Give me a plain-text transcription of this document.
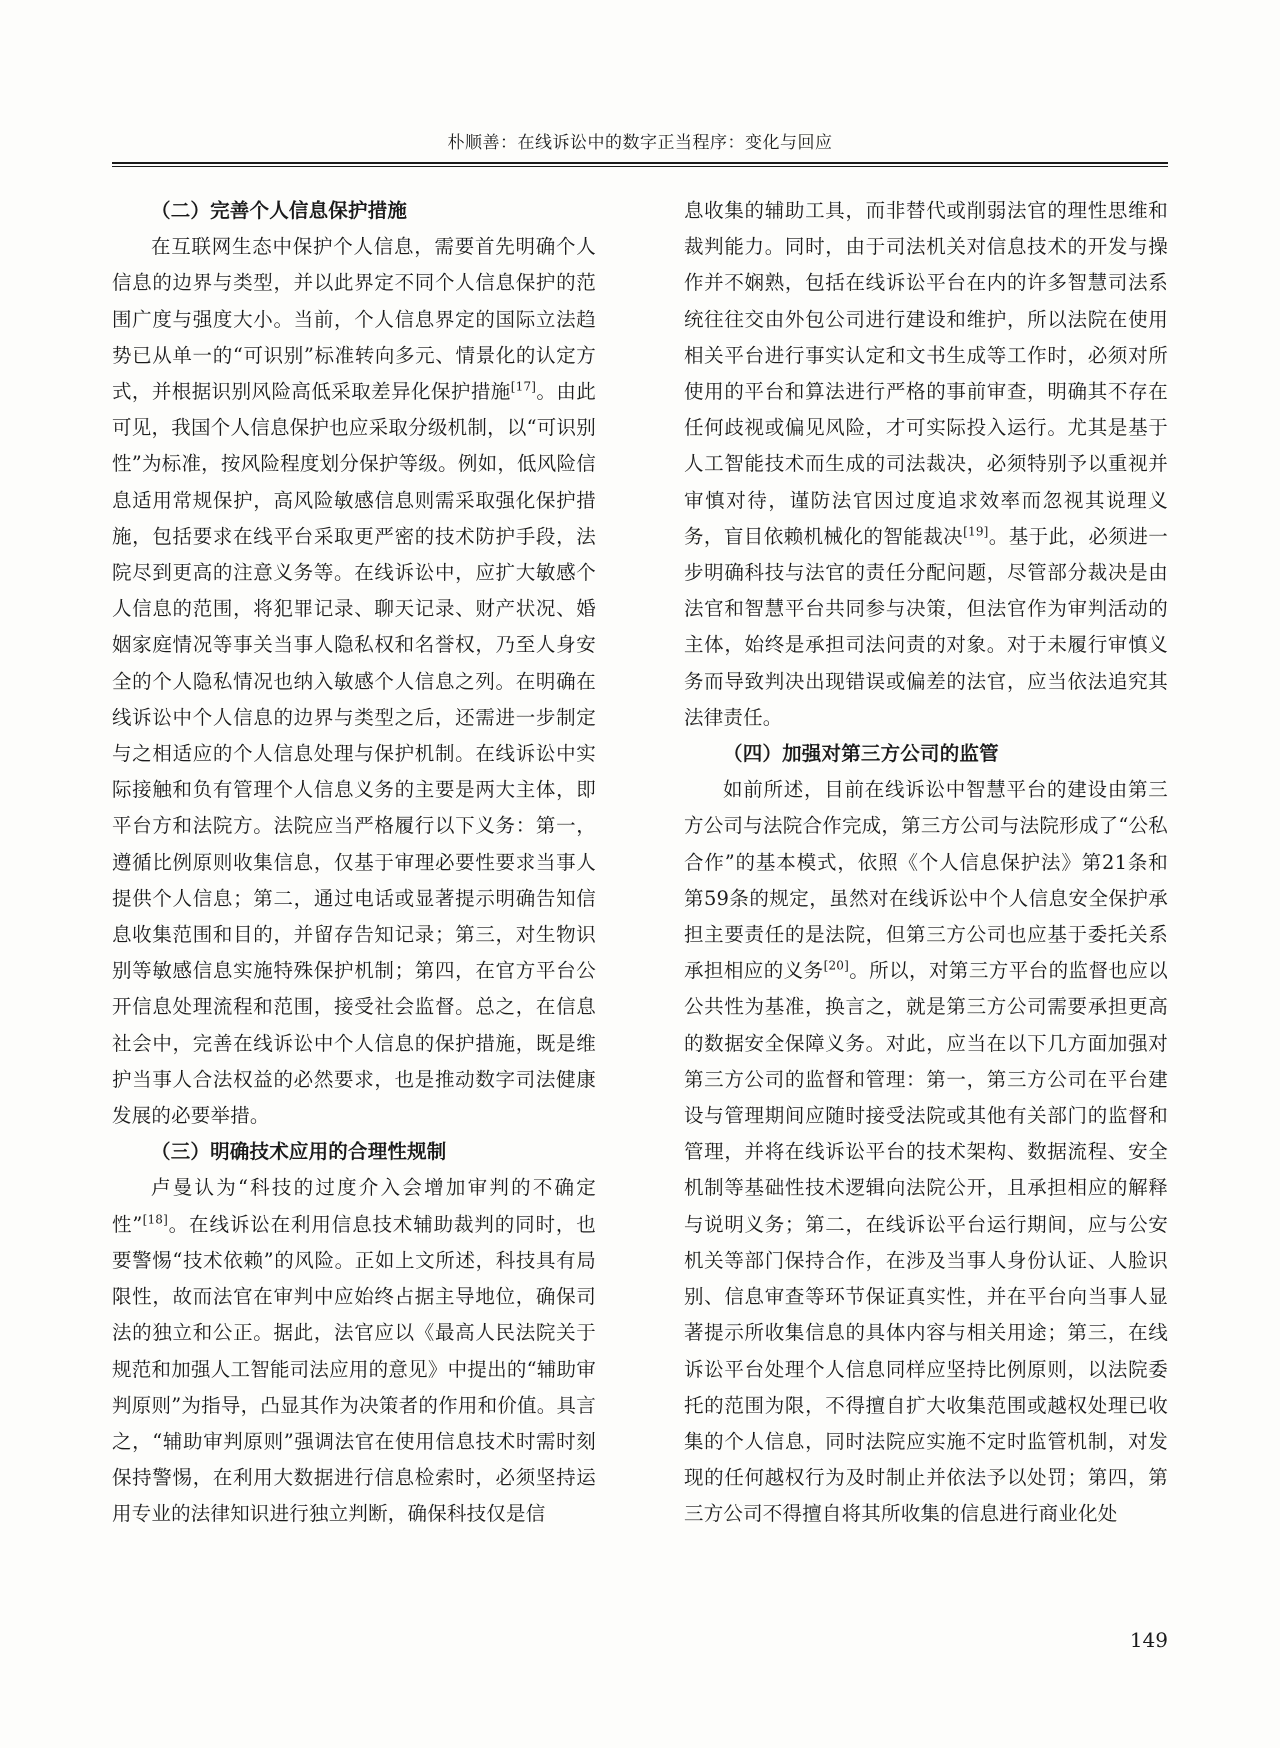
朴顺善：在线诉讼中的数字正当程序：变化与回应

（二）完善个人信息保护措施

在互联网生态中保护个人信息，需要首先明确个人信息的边界与类型，并以此界定不同个人信息保护的范围广度与强度大小。当前，个人信息界定的国际立法趋势已从单一的“可识别”标准转向多元、情景化的认定方式，并根据识别风险高低采取差异化保护措施[17]。由此可见，我国个人信息保护也应采取分级机制，以“可识别性”为标准，按风险程度划分保护等级。例如，低风险信息适用常规保护，高风险敏感信息则需采取强化保护措施，包括要求在线平台采取更严密的技术防护手段，法院尽到更高的注意义务等。在线诉讼中，应扩大敏感个人信息的范围，将犯罪记录、聊天记录、财产状况、婚姻家庭情况等事关当事人隐私权和名誉权，乃至人身安全的个人隐私情况也纳入敏感个人信息之列。在明确在线诉讼中个人信息的边界与类型之后，还需进一步制定与之相适应的个人信息处理与保护机制。在线诉讼中实际接触和负有管理个人信息义务的主要是两大主体，即平台方和法院方。法院应当严格履行以下义务：第一，遵循比例原则收集信息，仅基于审理必要性要求当事人提供个人信息；第二，通过电话或显著提示明确告知信息收集范围和目的，并留存告知记录；第三，对生物识别等敏感信息实施特殊保护机制；第四，在官方平台公开信息处理流程和范围，接受社会监督。总之，在信息社会中，完善在线诉讼中个人信息的保护措施，既是维护当事人合法权益的必然要求，也是推动数字司法健康发展的必要举措。

（三）明确技术应用的合理性规制

卢曼认为“科技的过度介入会增加审判的不确定性”[18]。在线诉讼在利用信息技术辅助裁判的同时，也要警惕“技术依赖”的风险。正如上文所述，科技具有局限性，故而法官在审判中应始终占据主导地位，确保司法的独立和公正。据此，法官应以《最高人民法院关于规范和加强人工智能司法应用的意见》中提出的“辅助审判原则”为指导，凸显其作为决策者的作用和价值。具言之，“辅助审判原则”强调法官在使用信息技术时需时刻保持警惕，在利用大数据进行信息检索时，必须坚持运用专业的法律知识进行独立判断，确保科技仅是信

息收集的辅助工具，而非替代或削弱法官的理性思维和裁判能力。同时，由于司法机关对信息技术的开发与操作并不娴熟，包括在线诉讼平台在内的许多智慧司法系统往往交由外包公司进行建设和维护，所以法院在使用相关平台进行事实认定和文书生成等工作时，必须对所使用的平台和算法进行严格的事前审查，明确其不存在任何歧视或偏见风险，才可实际投入运行。尤其是基于人工智能技术而生成的司法裁决，必须特别予以重视并审慎对待，谨防法官因过度追求效率而忽视其说理义务，盲目依赖机械化的智能裁决[19]。基于此，必须进一步明确科技与法官的责任分配问题，尽管部分裁决是由法官和智慧平台共同参与决策，但法官作为审判活动的主体，始终是承担司法问责的对象。对于未履行审慎义务而导致判决出现错误或偏差的法官，应当依法追究其法律责任。

（四）加强对第三方公司的监管

如前所述，目前在线诉讼中智慧平台的建设由第三方公司与法院合作完成，第三方公司与法院形成了“公私合作”的基本模式，依照《个人信息保护法》第21条和第59条的规定，虽然对在线诉讼中个人信息安全保护承担主要责任的是法院，但第三方公司也应基于委托关系承担相应的义务[20]。所以，对第三方平台的监督也应以公共性为基准，换言之，就是第三方公司需要承担更高的数据安全保障义务。对此，应当在以下几方面加强对第三方公司的监督和管理：第一，第三方公司在平台建设与管理期间应随时接受法院或其他有关部门的监督和管理，并将在线诉讼平台的技术架构、数据流程、安全机制等基础性技术逻辑向法院公开，且承担相应的解释与说明义务；第二，在线诉讼平台运行期间，应与公安机关等部门保持合作，在涉及当事人身份认证、人脸识别、信息审查等环节保证真实性，并在平台向当事人显著提示所收集信息的具体内容与相关用途；第三，在线诉讼平台处理个人信息同样应坚持比例原则，以法院委托的范围为限，不得擅自扩大收集范围或越权处理已收集的个人信息，同时法院应实施不定时监管机制，对发现的任何越权行为及时制止并依法予以处罚；第四，第三方公司不得擅自将其所收集的信息进行商业化处

149
